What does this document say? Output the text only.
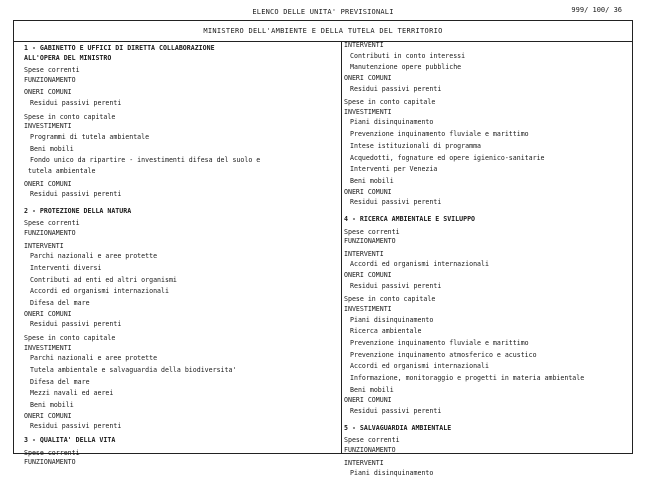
ELENCO DELLE UNITA' PREVISIONALI	999/ 100/ 36
MINISTERO DELL'AMBIENTE E DELLA TUTELA DEL TERRITORIO
1 - GABINETTO E UFFICI DI DIRETTA COLLABORAZIONE
ALL'OPERA DEL MINISTRO
Spese correnti
FUNZIONAMENTO
ONERI COMUNI
Residui passivi perenti
Spese in conto capitale
INVESTIMENTI
Programmi di tutela ambientale
Beni mobili
Fondo unico da ripartire - investimenti difesa del suolo e
tutela ambientale
ONERI COMUNI
Residui passivi perenti
2 - PROTEZIONE DELLA NATURA
Spese correnti
FUNZIONAMENTO
INTERVENTI
Parchi nazionali e aree protette
Interventi diversi
Contributi ad enti ed altri organismi
Accordi ed organismi internazionali
Difesa del mare
ONERI COMUNI
Residui passivi perenti
Spese in conto capitale
INVESTIMENTI
Parchi nazionali e aree protette
Tutela ambientale e salvaguardia della biodiversita'
Difesa del mare
Mezzi navali ed aerei
Beni mobili
ONERI COMUNI
Residui passivi perenti
3 - QUALITA' DELLA VITA
Spese correnti
FUNZIONAMENTO
INTERVENTI
Contributi in conto interessi
Manutenzione opere pubbliche
ONERI COMUNI
Residui passivi perenti
Spese in conto capitale
INVESTIMENTI
Piani disinquinamento
Prevenzione inquinamento fluviale e marittimo
Intese istituzionali di programma
Acquedotti, fognature ed opere igienico-sanitarie
Interventi per Venezia
Beni mobili
ONERI COMUNI
Residui passivi perenti
4 - RICERCA AMBIENTALE E SVILUPPO
Spese correnti
FUNZIONAMENTO
INTERVENTI
Accordi ed organismi internazionali
ONERI COMUNI
Residui passivi perenti
Spese in conto capitale
INVESTIMENTI
Piani disinquinamento
Ricerca ambientale
Prevenzione inquinamento fluviale e marittimo
Prevenzione inquinamento atmosferico e acustico
Accordi ed organismi internazionali
Informazione, monitoraggio e progetti in materia ambientale
Beni mobili
ONERI COMUNI
Residui passivi perenti
5 - SALVAGUARDIA AMBIENTALE
Spese correnti
FUNZIONAMENTO
INTERVENTI
Piani disinquinamento
